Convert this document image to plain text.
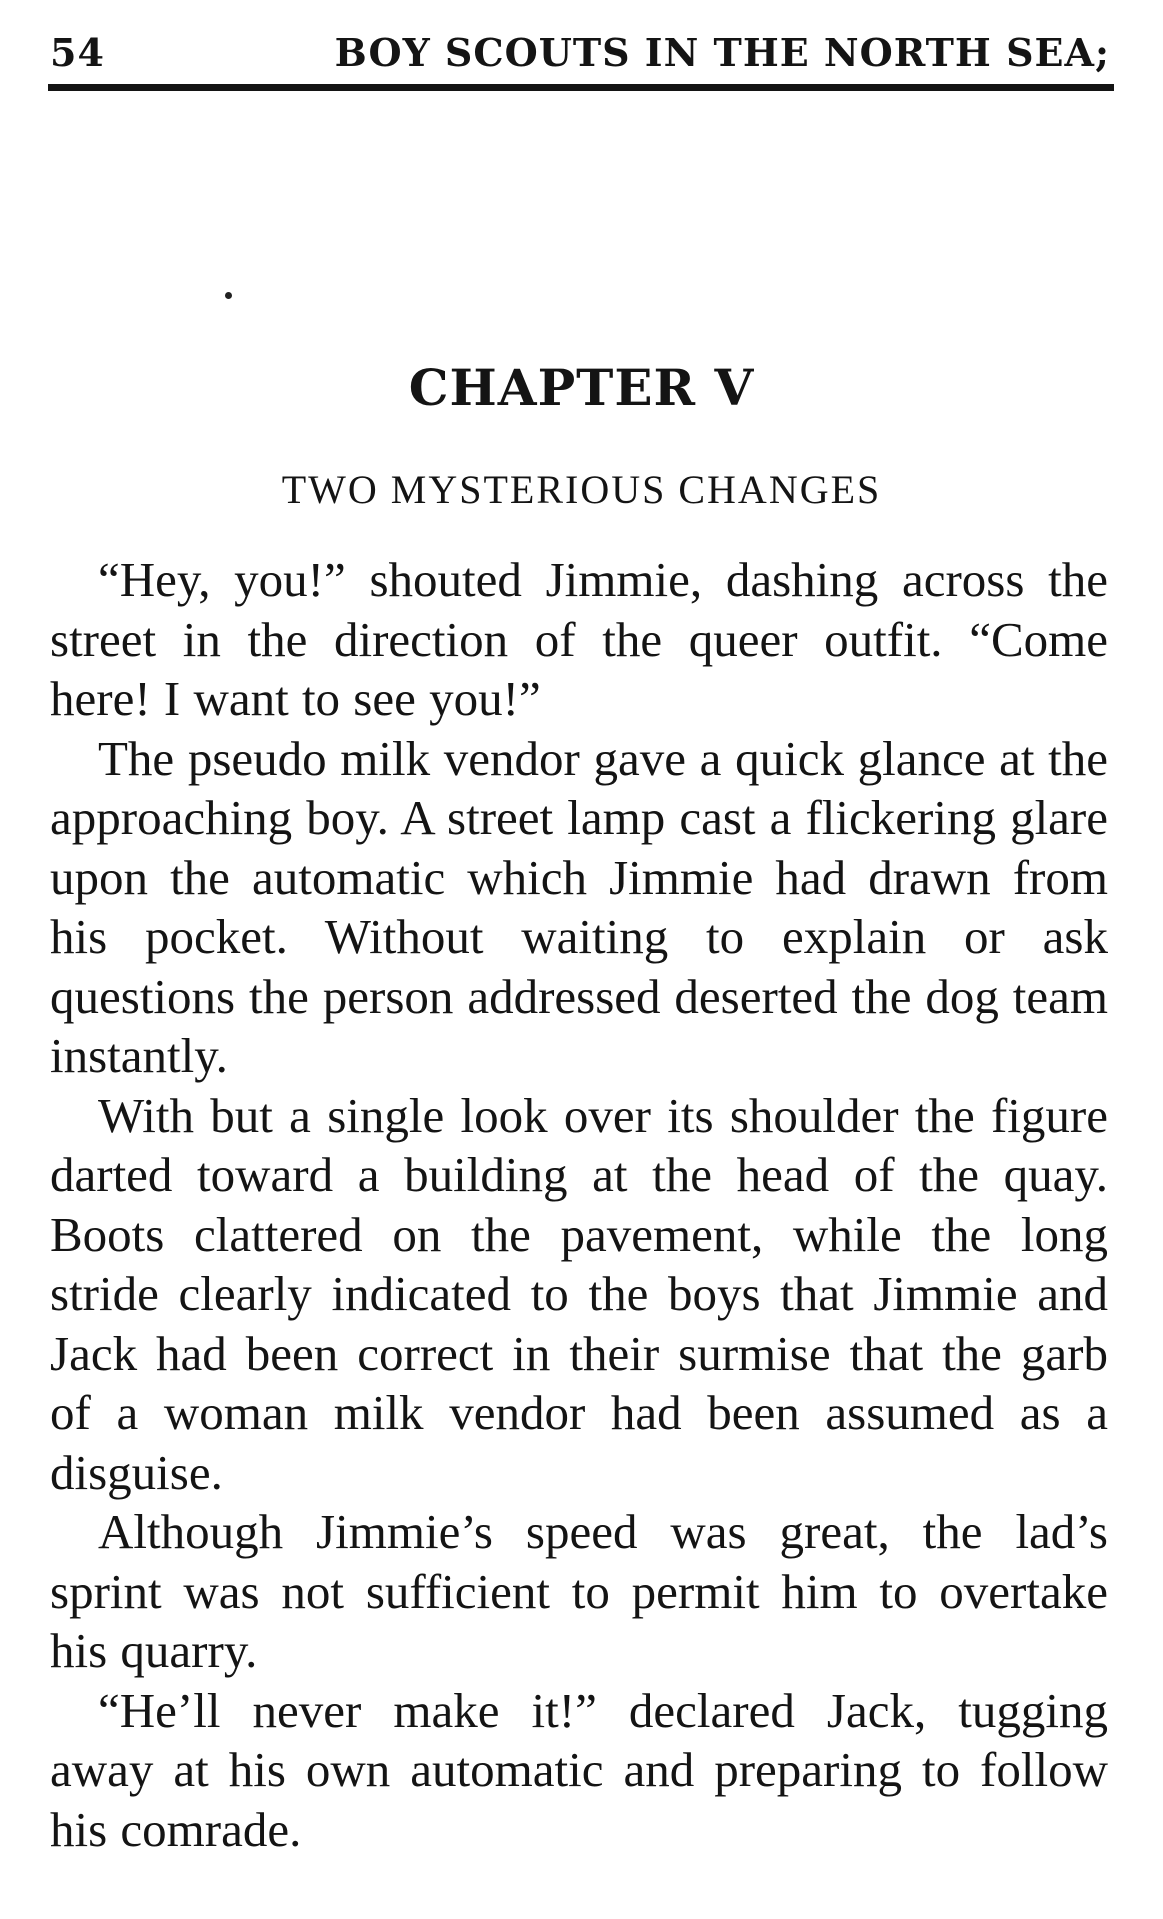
54	BOY SCOUTS IN THE NORTH SEA;
CHAPTER V
TWO MYSTERIOUS CHANGES

“Hey, you!” shouted Jimmie, dashing across the street in the direction of the queer outfit. “Come here! I want to see you!”

The pseudo milk vendor gave a quick glance at the approaching boy. A street lamp cast a flickering glare upon the automatic which Jimmie had drawn from his pocket. Without waiting to explain or ask questions the person addressed deserted the dog team instantly.

With but a single look over its shoulder the figure darted toward a building at the head of the quay. Boots clattered on the pavement, while the long stride clearly indicated to the boys that Jimmie and Jack had been correct in their surmise that the garb of a woman milk vendor had been assumed as a disguise.

Although Jimmie’s speed was great, the lad’s sprint was not sufficient to permit him to overtake his quarry.

“He’ll never make it!” declared Jack, tugging away at his own automatic and preparing to follow his comrade.
